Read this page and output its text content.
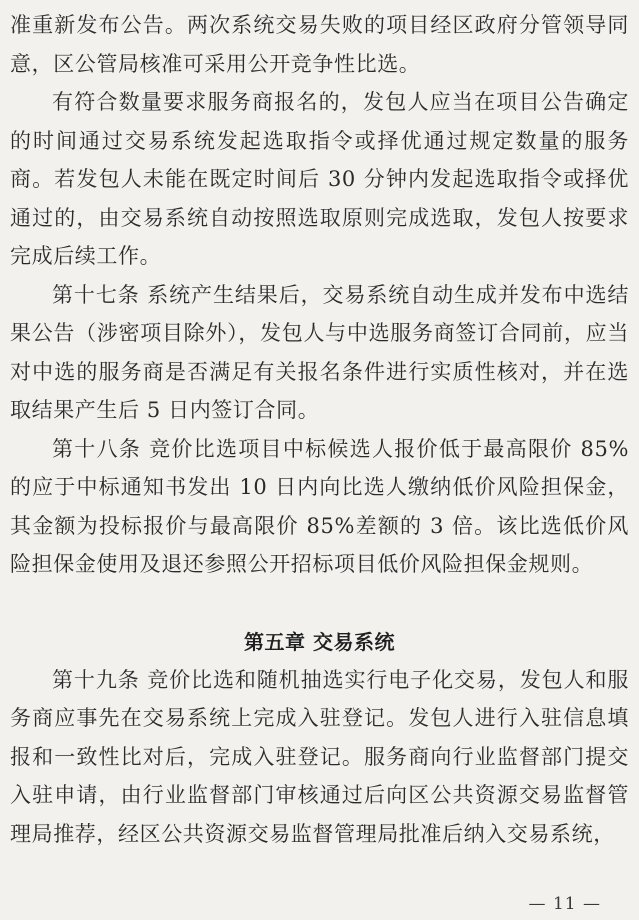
准重新发布公告。两次系统交易失败的项目经区政府分管领导同意，区公管局核准可采用公开竞争性比选。

有符合数量要求服务商报名的，发包人应当在项目公告确定的时间通过交易系统发起选取指令或择优通过规定数量的服务商。若发包人未能在既定时间后 30 分钟内发起选取指令或择优通过的，由交易系统自动按照选取原则完成选取，发包人按要求完成后续工作。

第十七条 系统产生结果后，交易系统自动生成并发布中选结果公告（涉密项目除外），发包人与中选服务商签订合同前，应当对中选的服务商是否满足有关报名条件进行实质性核对，并在选取结果产生后 5 日内签订合同。

第十八条 竞价比选项目中标候选人报价低于最高限价 85%的应于中标通知书发出 10 日内向比选人缴纳低价风险担保金，其金额为投标报价与最高限价 85%差额的 3 倍。该比选低价风险担保金使用及退还参照公开招标项目低价风险担保金规则。

第五章 交易系统

第十九条 竞价比选和随机抽选实行电子化交易，发包人和服务商应事先在交易系统上完成入驻登记。发包人进行入驻信息填报和一致性比对后，完成入驻登记。服务商向行业监督部门提交入驻申请，由行业监督部门审核通过后向区公共资源交易监督管理局推荐，经区公共资源交易监督管理局批准后纳入交易系统，

— 11 —
